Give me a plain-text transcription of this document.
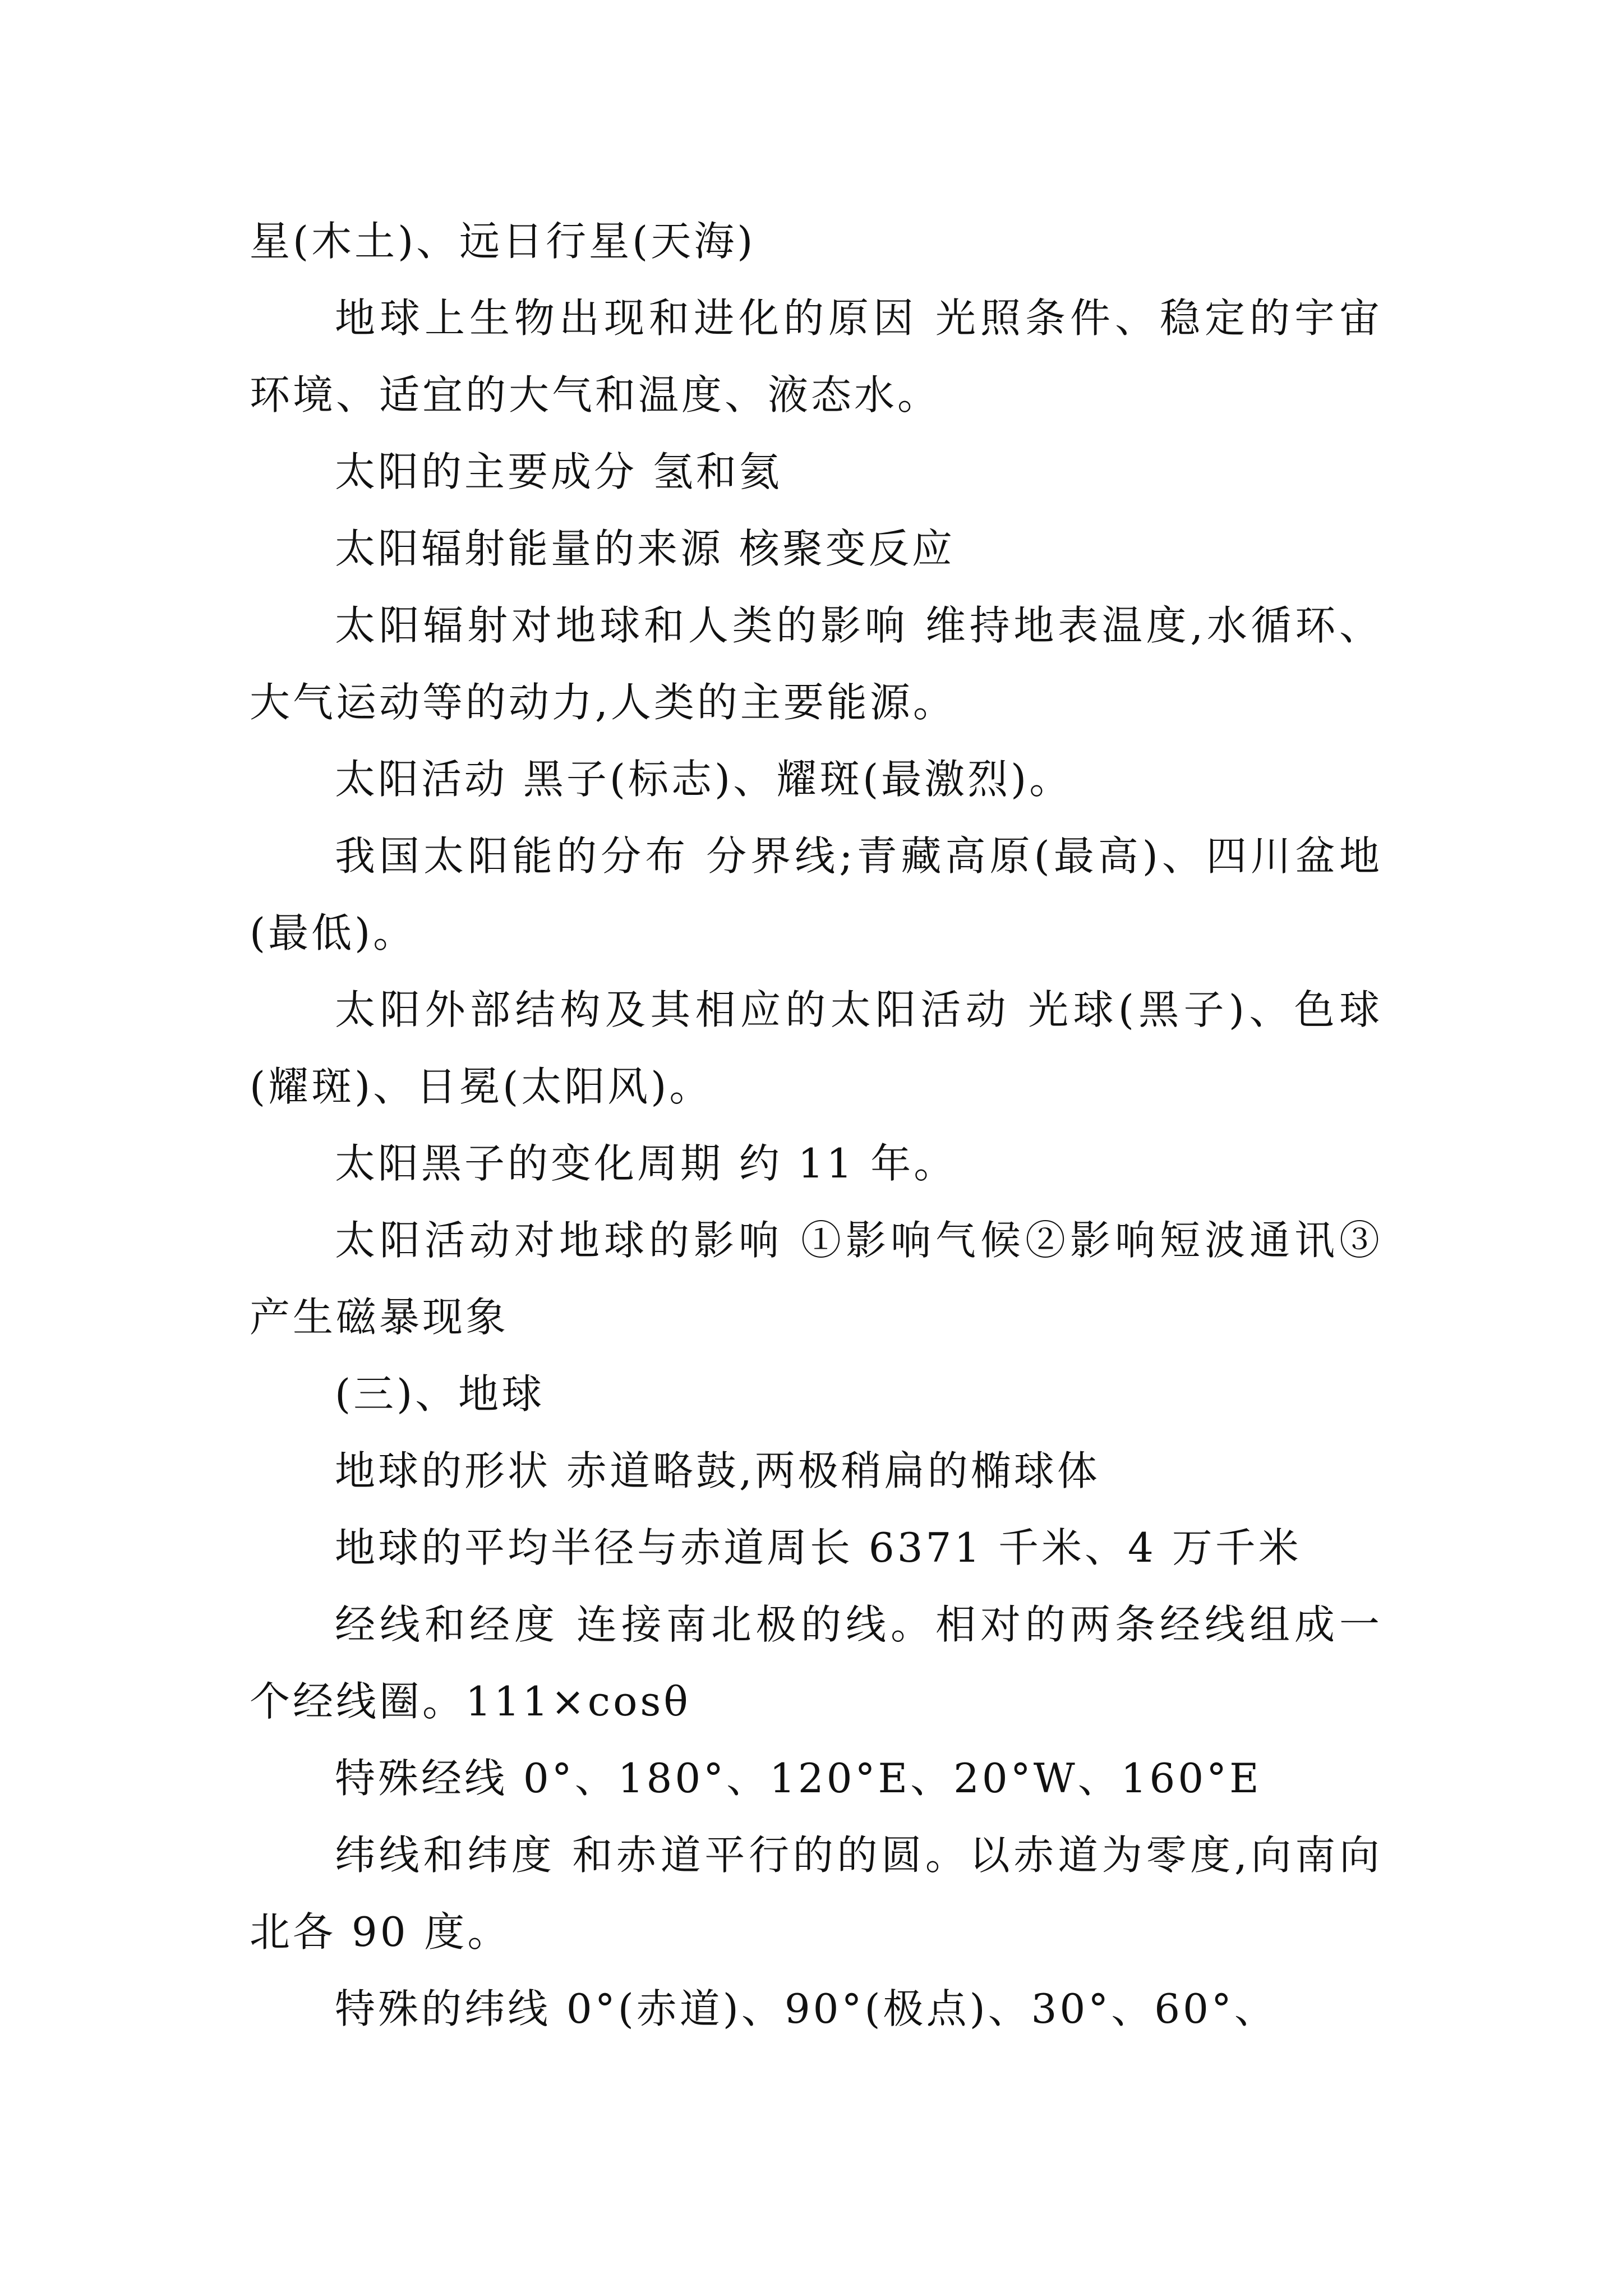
星(木土)、远日行星(天海)

地球上生物出现和进化的原因 光照条件、稳定的宇宙环境、适宜的大气和温度、液态水。

太阳的主要成分 氢和氦

太阳辐射能量的来源 核聚变反应

太阳辐射对地球和人类的影响 维持地表温度,水循环、大气运动等的动力,人类的主要能源。

太阳活动 黑子(标志)、耀斑(最激烈)。

我国太阳能的分布 分界线;青藏高原(最高)、四川盆地(最低)。

太阳外部结构及其相应的太阳活动 光球(黑子)、色球(耀斑)、日冕(太阳风)。

太阳黑子的变化周期 约 11 年。

太阳活动对地球的影响 ①影响气候②影响短波通讯③产生磁暴现象

(三)、地球

地球的形状 赤道略鼓,两极稍扁的椭球体

地球的平均半径与赤道周长 6371 千米、4 万千米

经线和经度 连接南北极的线。相对的两条经线组成一个经线圈。111×cosθ

特殊经线 0°、180°、120°E、20°W、160°E

纬线和纬度 和赤道平行的的圆。以赤道为零度,向南向北各 90 度。

特殊的纬线 0°(赤道)、90°(极点)、30°、60°、
